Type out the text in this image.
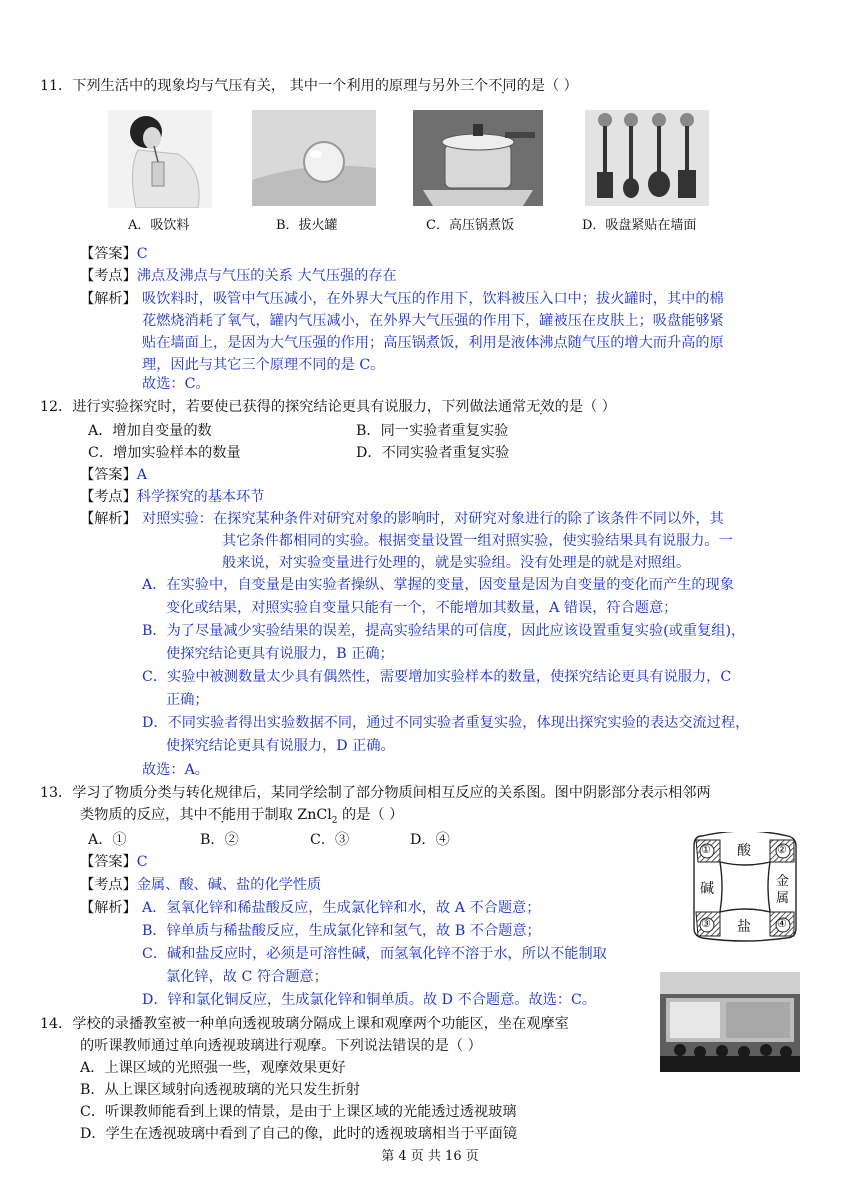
11．下列生活中的现象均与气压有关， 其中一个利用的原理与另外三个不同的是（ ）
A．吸饮料	B．拔火罐	C．高压锅煮饭	D．吸盘紧贴在墙面
【答案】C
【考点】沸点及沸点与气压的关系 大气压强的存在
【解析】 吸饮料时，吸管中气压减小，在外界大气压的作用下，饮料被压入口中；拔火罐时，其中的棉
花燃烧消耗了氧气，罐内气压减小，在外界大气压强的作用下，罐被压在皮肤上；吸盘能够紧
贴在墙面上，是因为大气压强的作用；高压锅煮饭，利用是液体沸点随气压的增大而升高的原
理，因此与其它三个原理不同的是 C。
故选：C。
12．进行实验探究时，若要使已获得的探究结论更具有说服力，下列做法通常无效的是（ ）
A．增加自变量的数	B．同一实验者重复实验
C．增加实验样本的数量	D．不同实验者重复实验
【答案】A
【考点】科学探究的基本环节
【解析】 对照实验：在探究某种条件对研究对象的影响时，对研究对象进行的除了该条件不同以外，其
其它条件都相同的实验。根据变量设置一组对照实验，使实验结果具有说服力。一
般来说，对实验变量进行处理的，就是实验组。没有处理是的就是对照组。
A．在实验中，自变量是由实验者操纵、掌握的变量，因变量是因为自变量的变化而产生的现象
变化或结果，对照实验自变量只能有一个，不能增加其数量，A 错误，符合题意；
B．为了尽量减少实验结果的误差，提高实验结果的可信度，因此应该设置重复实验(或重复组)，
使探究结论更具有说服力，B 正确；
C．实验中被测数量太少具有偶然性，需要增加实验样本的数量，使探究结论更具有说服力，C
正确；
D．不同实验者得出实验数据不同，通过不同实验者重复实验，体现出探究实验的表达交流过程，
使探究结论更具有说服力，D 正确。
故选：A。
13．学习了物质分类与转化规律后，某同学绘制了部分物质间相互反应的关系图。图中阴影部分表示相邻两
类物质的反应，其中不能用于制取 ZnCl$_2$ 的是（ ）
A．①	B．②	C．③	D．④
【答案】C
【考点】金属、酸、碱、盐的化学性质
【解析】 A．氢氧化锌和稀盐酸反应，生成氯化锌和水，故 A 不合题意；
B．锌单质与稀盐酸反应，生成氯化锌和氢气，故 B 不合题意；
C．碱和盐反应时，必须是可溶性碱，而氢氧化锌不溶于水，所以不能制取
氯化锌，故 C 符合题意；
D．锌和氯化铜反应，生成氯化锌和铜单质。故 D 不合题意。故选：C。
酸
碱	金
属
盐
①	②
③	④
14．学校的录播教室被一种单向透视玻璃分隔成上课和观摩两个功能区，坐在观摩室
的听课教师通过单向透视玻璃进行观摩。下列说法错误的是（ ）
A．上课区域的光照强一些，观摩效果更好
B．从上课区域射向透视玻璃的光只发生折射
C．听课教师能看到上课的情景，是由于上课区域的光能透过透视玻璃
D．学生在透视玻璃中看到了自己的像，此时的透视玻璃相当于平面镜
第 4 页 共 16 页
